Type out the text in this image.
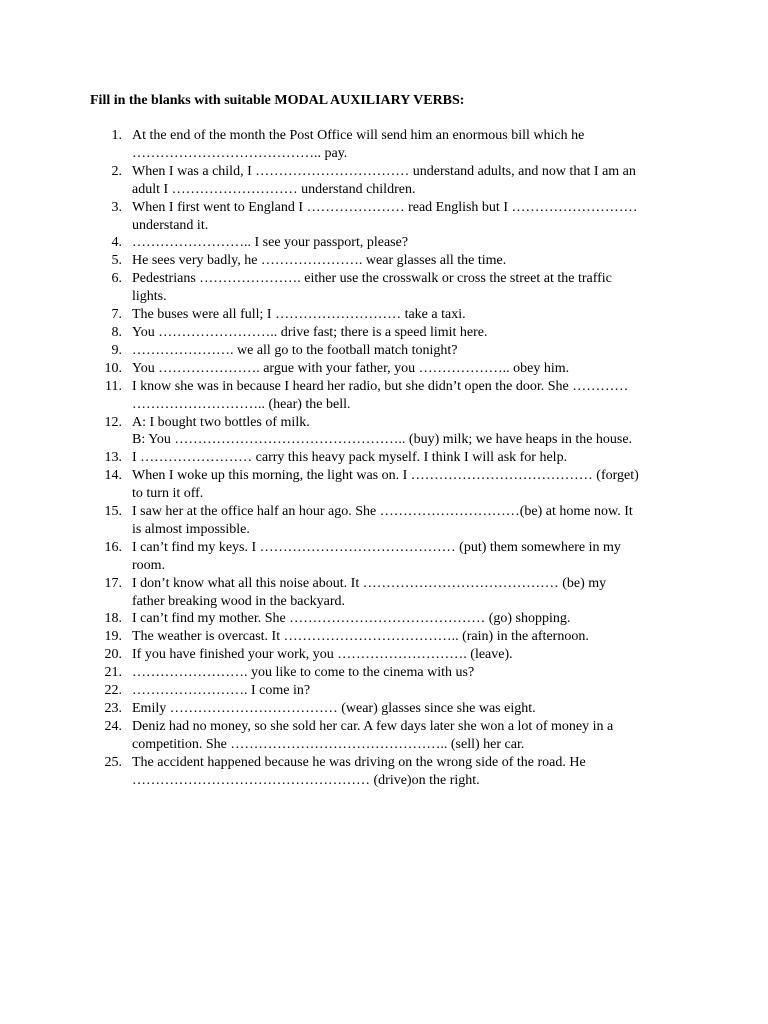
Fill in the blanks with suitable MODAL AUXILIARY VERBS:
1. At the end of the month the Post Office will send him an enormous bill which he
………………………………….. pay.
2. When I was a child, I …………………………… understand adults, and now that I am an
adult I ……………………… understand children.
3. When I first went to England I ………………… read English but I ………………………
understand it.
4. …………………….. I see your passport, please?
5. He sees very badly, he …………………. wear glasses all the time.
6. Pedestrians …………………. either use the crosswalk or cross the street at the traffic
lights.
7. The buses were all full; I ……………………… take a taxi.
8. You …………………….. drive fast; there is a speed limit here.
9. …………………. we all go to the football match tonight?
10. You …………………. argue with your father, you ……………….. obey him.
11. I know she was in because I heard her radio, but she didn’t open the door. She …………
……………………….. (hear) the bell.
12. A: I bought two bottles of milk.
B: You ………………………………………….. (buy) milk; we have heaps in the house.
13. I …………………… carry this heavy pack myself. I think I will ask for help.
14. When I woke up this morning, the light was on. I ………………………………… (forget)
to turn it off.
15. I saw her at the office half an hour ago. She …………………………(be) at home now. It
is almost impossible.
16. I can’t find my keys. I …………………………………… (put) them somewhere in my
room.
17. I don’t know what all this noise about. It …………………………………… (be) my
father breaking wood in the backyard.
18. I can’t find my mother. She …………………………………… (go) shopping.
19. The weather is overcast. It ……………………………….. (rain) in the afternoon.
20. If you have finished your work, you ………………………. (leave).
21. ……………………. you like to come to the cinema with us?
22. ……………………. I come in?
23. Emily ……………………………… (wear) glasses since she was eight.
24. Deniz had no money, so she sold her car. A few days later she won a lot of money in a
competition. She ……………………………………….. (sell) her car.
25. The accident happened because he was driving on the wrong side of the road. He
…………………………………………… (drive)on the right.
